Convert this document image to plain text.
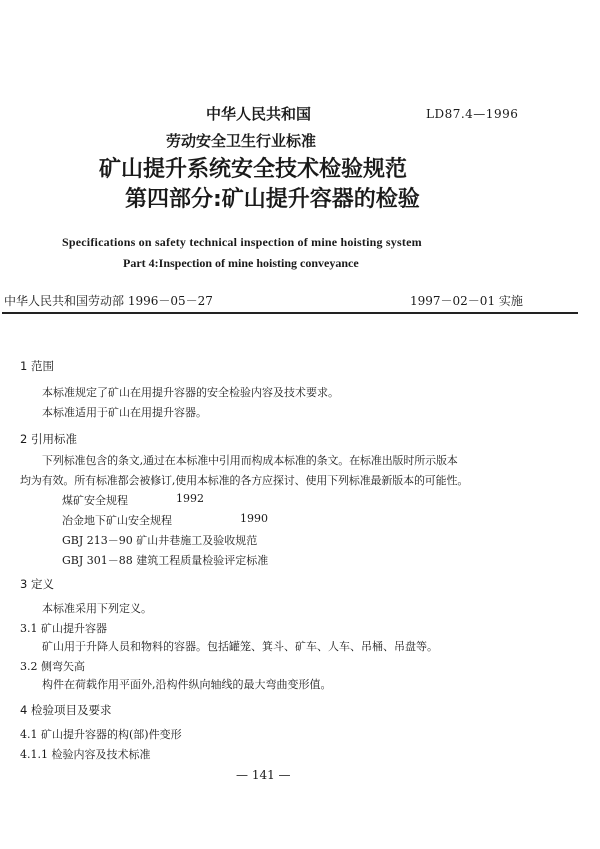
中华人民共和国	LD87.4—1996
劳动安全卫生行业标准
矿山提升系统安全技术检验规范
第四部分:矿山提升容器的检验
Specifications on safety technical inspection of mine hoisting system
Part 4:Inspection of mine hoisting conveyance
中华人民共和国劳动部 1996－05－27	1997－02－01 实施
1 范围
本标准规定了矿山在用提升容器的安全检验内容及技术要求。
本标准适用于矿山在用提升容器。
2 引用标准
下列标准包含的条文,通过在本标准中引用而构成本标准的条文。在标准出版时所示版本
均为有效。所有标准都会被修订,使用本标准的各方应探讨、使用下列标准最新版本的可能性。
煤矿安全规程	1992
冶金地下矿山安全规程	1990
GBJ 213－90 矿山井巷施工及验收规范
GBJ 301－88 建筑工程质量检验评定标准
3 定义
本标准采用下列定义。
3.1 矿山提升容器
矿山用于升降人员和物料的容器。包括罐笼、箕斗、矿车、人车、吊桶、吊盘等。
3.2 侧弯矢高
构件在荷载作用平面外,沿构件纵向轴线的最大弯曲变形值。
4 检验项目及要求
4.1 矿山提升容器的构(部)件变形
4.1.1 检验内容及技术标准
— 141 —
